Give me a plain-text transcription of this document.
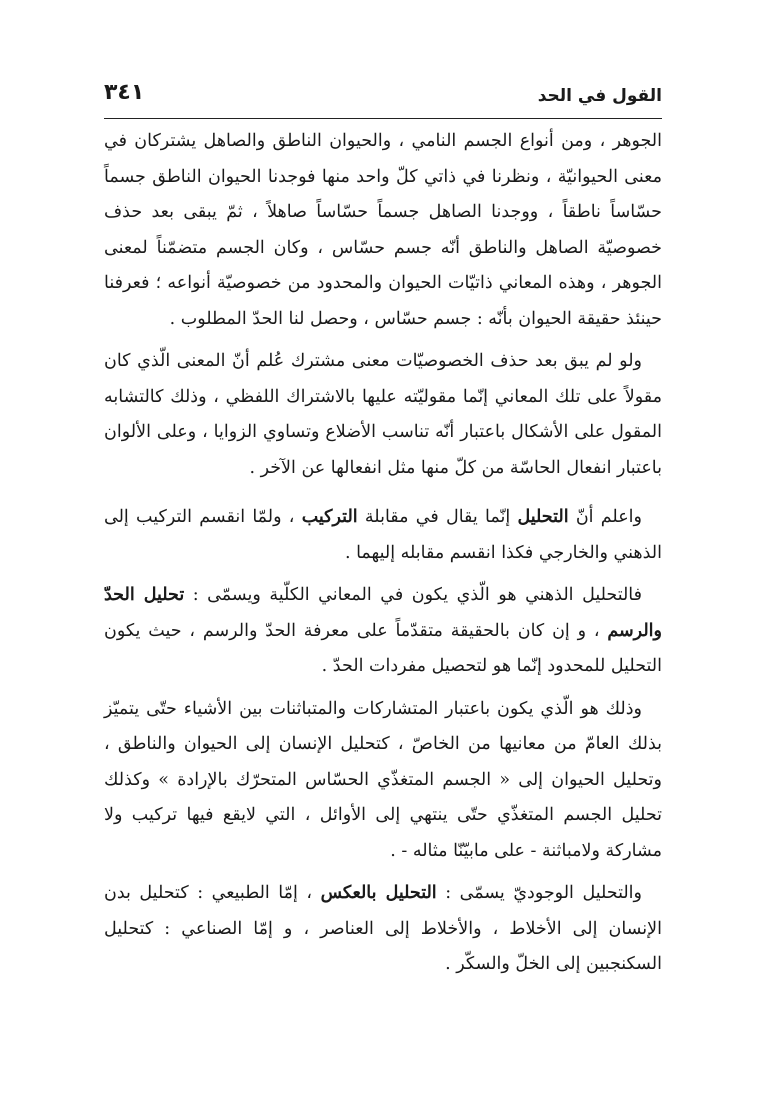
القول في الحد
٣٤١

الجوهر ، ومن أنواع الجسم النامي ، والحيوان الناطق والصاهل يشتركان في معنى الحيوانيّة ، ونظرنا في ذاتي كلّ واحد منها فوجدنا الحيوان الناطق جسماً حسّاساً ناطقاً ، ووجدنا الصاهل جسماً حسّاساً صاهلاً ، ثمّ يبقى بعد حذف خصوصيّة الصاهل والناطق أنّه جسم حسّاس ، وكان الجسم متضمّناً لمعنى الجوهر ، وهذه المعاني ذاتيّات الحيوان والمحدود من خصوصيّة أنواعه ؛ فعرفنا حينئذ حقيقة الحيوان بأنّه : جسم حسّاس ، وحصل لنا الحدّ المطلوب .

ولو لم يبق بعد حذف الخصوصيّات معنى مشترك عُلم أنّ المعنى الّذي كان مقولاً على تلك المعاني إنّما مقوليّته عليها بالاشتراك اللفظي ، وذلك كالتشابه المقول على الأشكال باعتبار أنّه تناسب الأضلاع وتساوي الزوايا ، وعلى الألوان باعتبار انفعال الحاسّة من كلّ منها مثل انفعالها عن الآخر .

واعلم أنّ التحليل إنّما يقال في مقابلة التركيب ، ولمّا انقسم التركيب إلى الذهني والخارجي فكذا انقسم مقابله إليهما .

فالتحليل الذهني هو الّذي يكون في المعاني الكلّية ويسمّى : تحليل الحدّ والرسم ، و إن كان بالحقيقة متقدّماً على معرفة الحدّ والرسم ، حيث يكون التحليل للمحدود إنّما هو لتحصيل مفردات الحدّ .

وذلك هو الّذي يكون باعتبار المتشاركات والمتباثنات بين الأشياء حتّى يتميّز بذلك العامّ من معانيها من الخاصّ ، كتحليل الإنسان إلى الحيوان والناطق ، وتحليل الحيوان إلى « الجسم المتغذّي الحسّاس المتحرّك بالإرادة » وكذلك تحليل الجسم المتغذّي حتّى ينتهي إلى الأوائل ، التي لايقع فيها تركيب ولا مشاركة ولامباثنة - على مابيّنّا مثاله - .

والتحليل الوجوديّ يسمّى : التحليل بالعكس ، إمّا الطبيعي : كتحليل بدن الإنسان إلى الأخلاط ، والأخلاط إلى العناصر ، و إمّا الصناعي : كتحليل السكنجبين إلى الخلّ والسكّر .
